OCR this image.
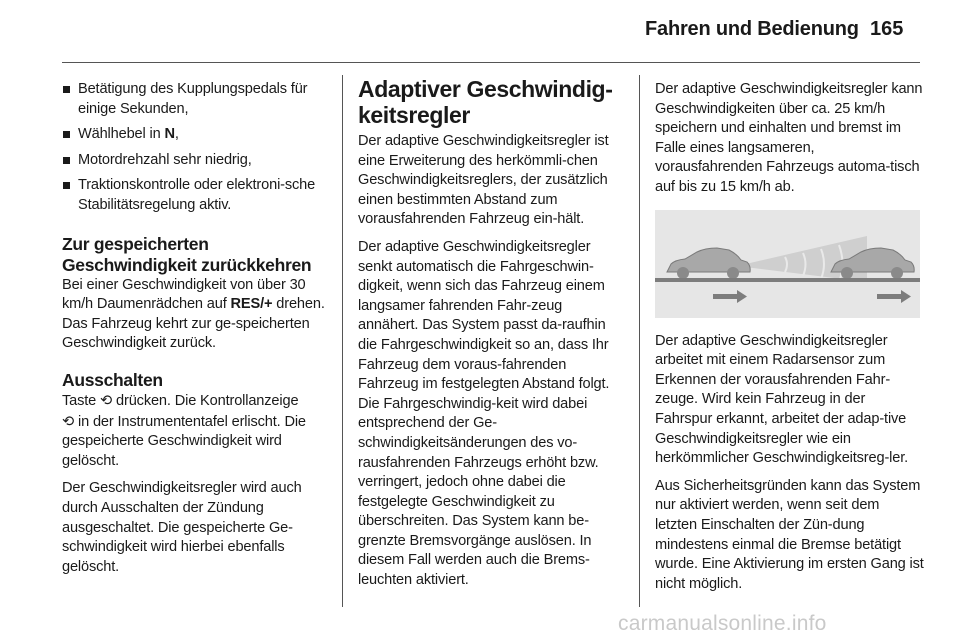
Fahren und Bedienung 165
Betätigung des Kupplungspedals für einige Sekunden,
Wählhebel in N,
Motordrehzahl sehr niedrig,
Traktionskontrolle oder elektroni-sche Stabilitätsregelung aktiv.
Zur gespeicherten Geschwindigkeit zurückkehren

Bei einer Geschwindigkeit von über 30 km/h Daumenrädchen auf RES/+ drehen. Das Fahrzeug kehrt zur ge-speicherten Geschwindigkeit zurück.

Ausschalten

Taste ⟲ drücken. Die Kontrollanzeige
⟲ in der Instrumententafel erlischt. Die gespeicherte Geschwindigkeit wird gelöscht.

Der Geschwindigkeitsregler wird auch durch Ausschalten der Zündung ausgeschaltet. Die gespeicherte Ge-schwindigkeit wird hierbei ebenfalls gelöscht.

Adaptiver Geschwindig-keitsregler

Der adaptive Geschwindigkeitsregler ist eine Erweiterung des herkömmli-chen Geschwindigkeitsreglers, der zusätzlich einen bestimmten Abstand zum vorausfahrenden Fahrzeug ein-hält.

Der adaptive Geschwindigkeitsregler senkt automatisch die Fahrgeschwin-digkeit, wenn sich das Fahrzeug einem langsamer fahrenden Fahr-zeug annähert. Das System passt da-raufhin die Fahrgeschwindigkeit so an, dass Ihr Fahrzeug dem voraus-fahrenden Fahrzeug im festgelegten Abstand folgt. Die Fahrgeschwindig-keit wird dabei entsprechend der Ge-schwindigkeitsänderungen des vo-rausfahrenden Fahrzeugs erhöht bzw. verringert, jedoch ohne dabei die festgelegte Geschwindigkeit zu überschreiten. Das System kann be-grenzte Bremsvorgänge auslösen. In diesem Fall werden auch die Brems-leuchten aktiviert.

Der adaptive Geschwindigkeitsregler kann Geschwindigkeiten über ca. 25 km/h speichern und einhalten und bremst im Falle eines langsameren, vorausfahrenden Fahrzeugs automa-tisch auf bis zu 15 km/h ab.

Der adaptive Geschwindigkeitsregler arbeitet mit einem Radarsensor zum Erkennen der vorausfahrenden Fahr-zeuge. Wird kein Fahrzeug in der Fahrspur erkannt, arbeitet der adap-tive Geschwindigkeitsregler wie ein herkömmlicher Geschwindigkeitsreg-ler.

Aus Sicherheitsgründen kann das System nur aktiviert werden, wenn seit dem letzten Einschalten der Zün-dung mindestens einmal die Bremse betätigt wurde. Eine Aktivierung im ersten Gang ist nicht möglich.

carmanualsonline.info
